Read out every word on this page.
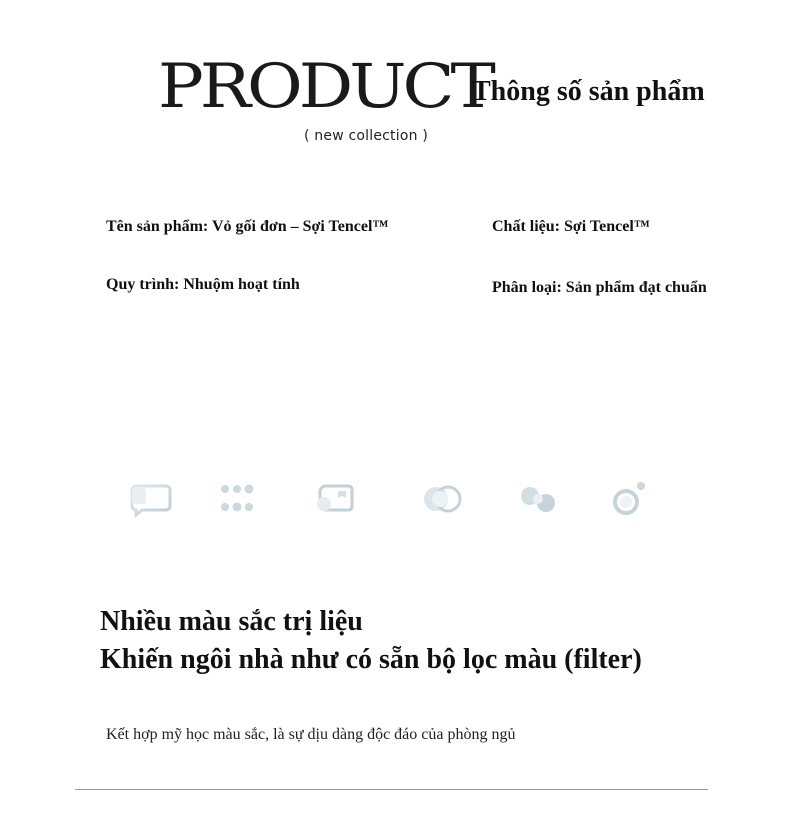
PRODUCT
( new collection )
Thông số sản phẩm
Tên sản phẩm: Vỏ gối đơn – Sợi Tencel™	Chất liệu: Sợi Tencel™
Quy trình: Nhuộm hoạt tính	Phân loại: Sản phẩm đạt chuẩn
Nhiều màu sắc trị liệu
Khiến ngôi nhà như có sẵn bộ lọc màu (filter)
Kết hợp mỹ học màu sắc, là sự dịu dàng độc đáo của phòng ngủ
